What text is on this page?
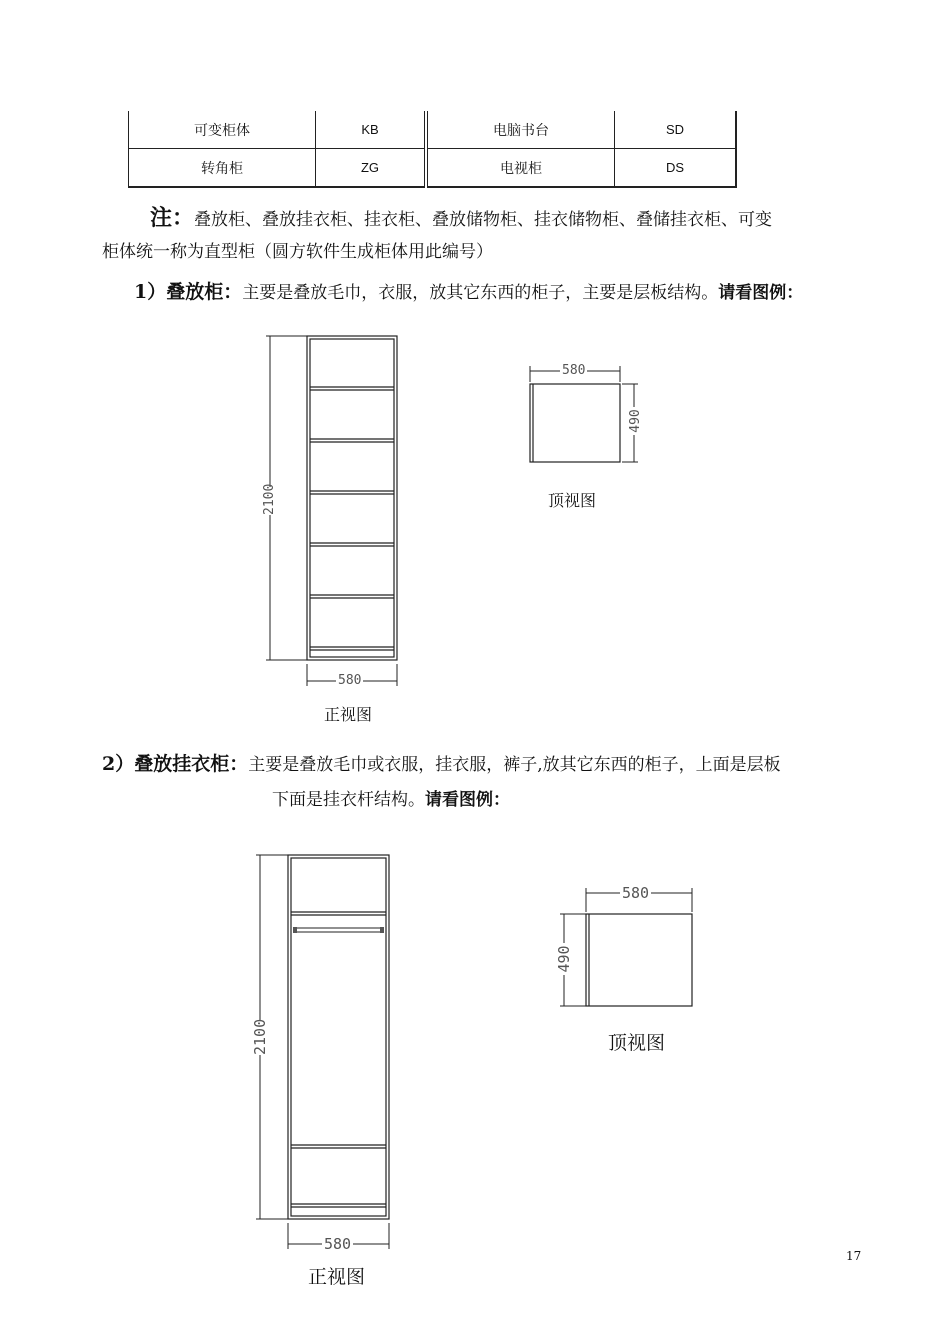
可变柜体	KB	电脑书台	SD
转角柜	ZG	电视柜	DS
注：叠放柜、叠放挂衣柜、挂衣柜、叠放储物柜、挂衣储物柜、叠储挂衣柜、可变
柜体统一称为直型柜（圆方软件生成柜体用此编号）
1）叠放柜：主要是叠放毛巾，衣服，放其它东西的柜子，主要是层板结构。请看图例：
2100
580
正视图
580
490
顶视图
2）叠放挂衣柜：主要是叠放毛巾或衣服，挂衣服，裤子,放其它东西的柜子，上面是层板
下面是挂衣杆结构。请看图例：
2100
580
正视图
580
490
顶视图
17
